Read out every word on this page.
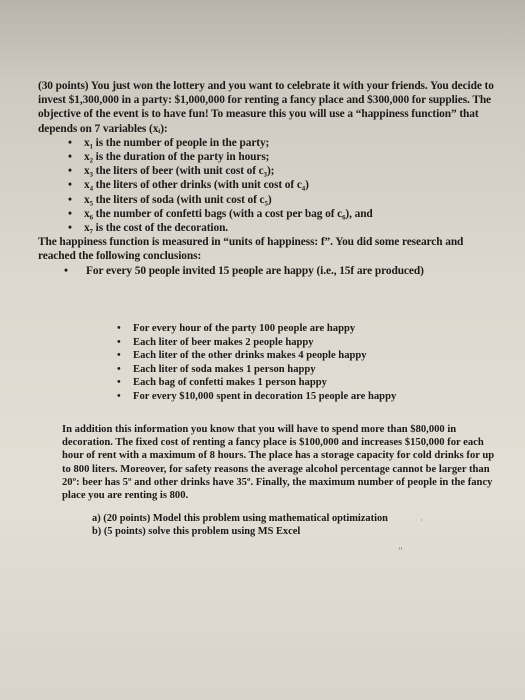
(30 points) You just won the lottery and you want to celebrate it with your friends. You decide to invest $1,300,000 in a party: $1,000,000 for renting a fancy place and $300,000 for supplies. The objective of the event is to have fun! To measure this you will use a “happiness function” that depends on 7 variables (xᵢ):
• x₁ is the number of people in the party;
• x₂ is the duration of the party in hours;
• x₃ the liters of beer (with unit cost of c₃);
• x₄ the liters of other drinks (with unit cost of c₄)
• x₅ the liters of soda (with unit cost of c₅)
• x₆ the number of confetti bags (with a cost per bag of c₆), and
• x₇ is the cost of the decoration.
The happiness function is measured in “units of happiness: f”. You did some research and reached the following conclusions:
• For every 50 people invited 15 people are happy (i.e., 15f are produced)
• For every hour of the party 100 people are happy
• Each liter of beer makes 2 people happy
• Each liter of the other drinks makes 4 people happy
• Each liter of soda makes 1 person happy
• Each bag of confetti makes 1 person happy
• For every $10,000 spent in decoration 15 people are happy
In addition this information you know that you will have to spend more than $80,000 in decoration. The fixed cost of renting a fancy place is $100,000 and increases $150,000 for each hour of rent with a maximum of 8 hours. The place has a storage capacity for cold drinks for up to 800 liters. Moreover, for safety reasons the average alcohol percentage cannot be larger than 20º: beer has 5º and other drinks have 35º. Finally, the maximum number of people in the fancy place you are renting is 800.
a) (20 points) Model this problem using mathematical optimization
b) (5 points) solve this problem using MS Excel
·
’’
